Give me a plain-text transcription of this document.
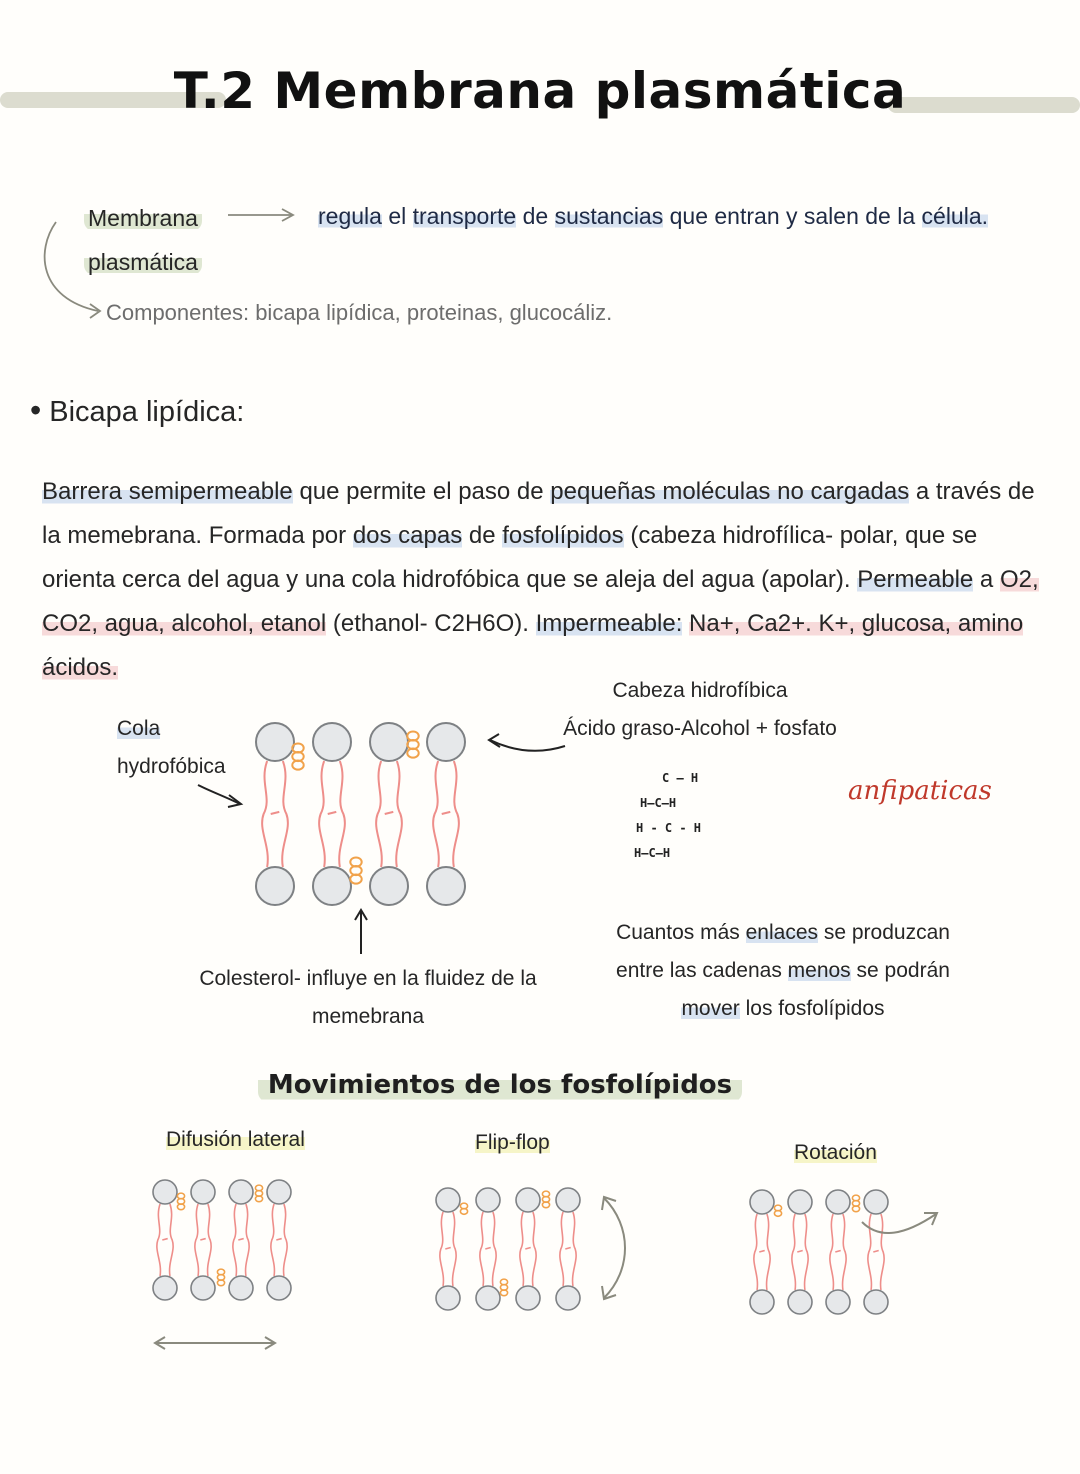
T.2 Membrana plasmática
Membrana
plasmática
regula el transporte de sustancias que entran y salen de la célula.
Componentes: bicapa lipídica, proteinas, glucocáliz.
• Bicapa lipídica:
Barrera semipermeable que permite el paso de pequeñas moléculas no cargadas a través de la memebrana. Formada por dos capas de fosfolípidos (cabeza hidrofílica- polar, que se orienta cerca del agua y una cola hidrofóbica que se aleja del agua (apolar). Permeable a O2, CO2, agua, alcohol, etanol (ethanol- C2H6O). Impermeable: Na+, Ca2+. K+, glucosa, amino ácidos.
Cola
hydrofóbica
Cabeza hidrofíbica
Ácido graso-Alcohol + fosfato
Colesterol- influye en la fluidez de la
memebrana
anfipaticas
C – H
H–C–H
H - C - H
H–C–H
Cuantos más enlaces se produzcan
entre las cadenas menos se podrán
mover los fosfolípidos
Movimientos de los fosfolípidos
Difusión lateral	Flip-flop	Rotación
